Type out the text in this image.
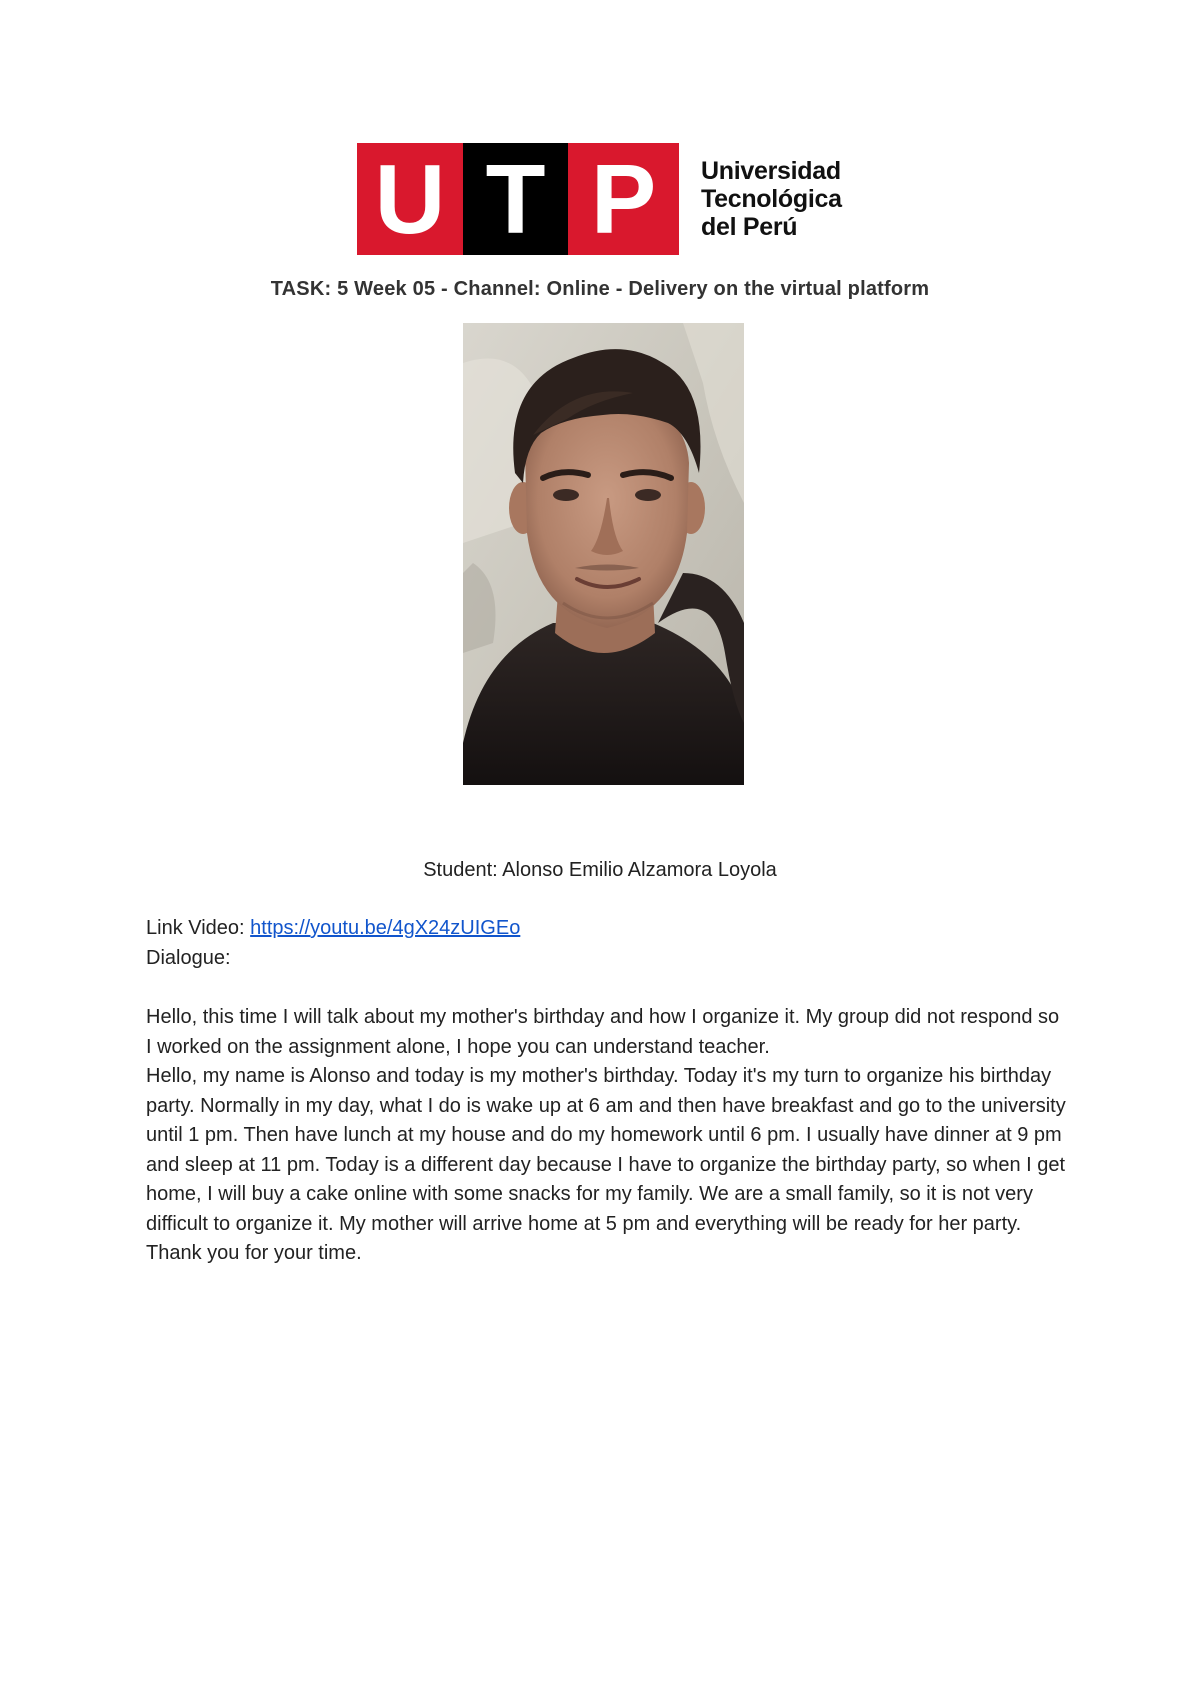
U T P	Universidad
Tecnológica
del Perú
TASK: 5 Week 05 - Channel: Online - Delivery on the virtual platform
Student: Alonso Emilio Alzamora Loyola
Link Video: https://youtu.be/4gX24zUIGEo
Dialogue:

Hello, this time I will talk about my mother's birthday and how I organize it. My group did not respond so I worked on the assignment alone, I hope you can understand teacher.

Hello, my name is Alonso and today is my mother's birthday. Today it's my turn to organize his birthday party. Normally in my day, what I do is wake up at 6 am and then have breakfast and go to the university until 1 pm. Then have lunch at my house and do my homework until 6 pm. I usually have dinner at 9 pm and sleep at 11 pm. Today is a different day because I have to organize the birthday party, so when I get home, I will buy a cake online with some snacks for my family. We are a small family, so it is not very difficult to organize it. My mother will arrive home at 5 pm and everything will be ready for her party. Thank you for your time.
